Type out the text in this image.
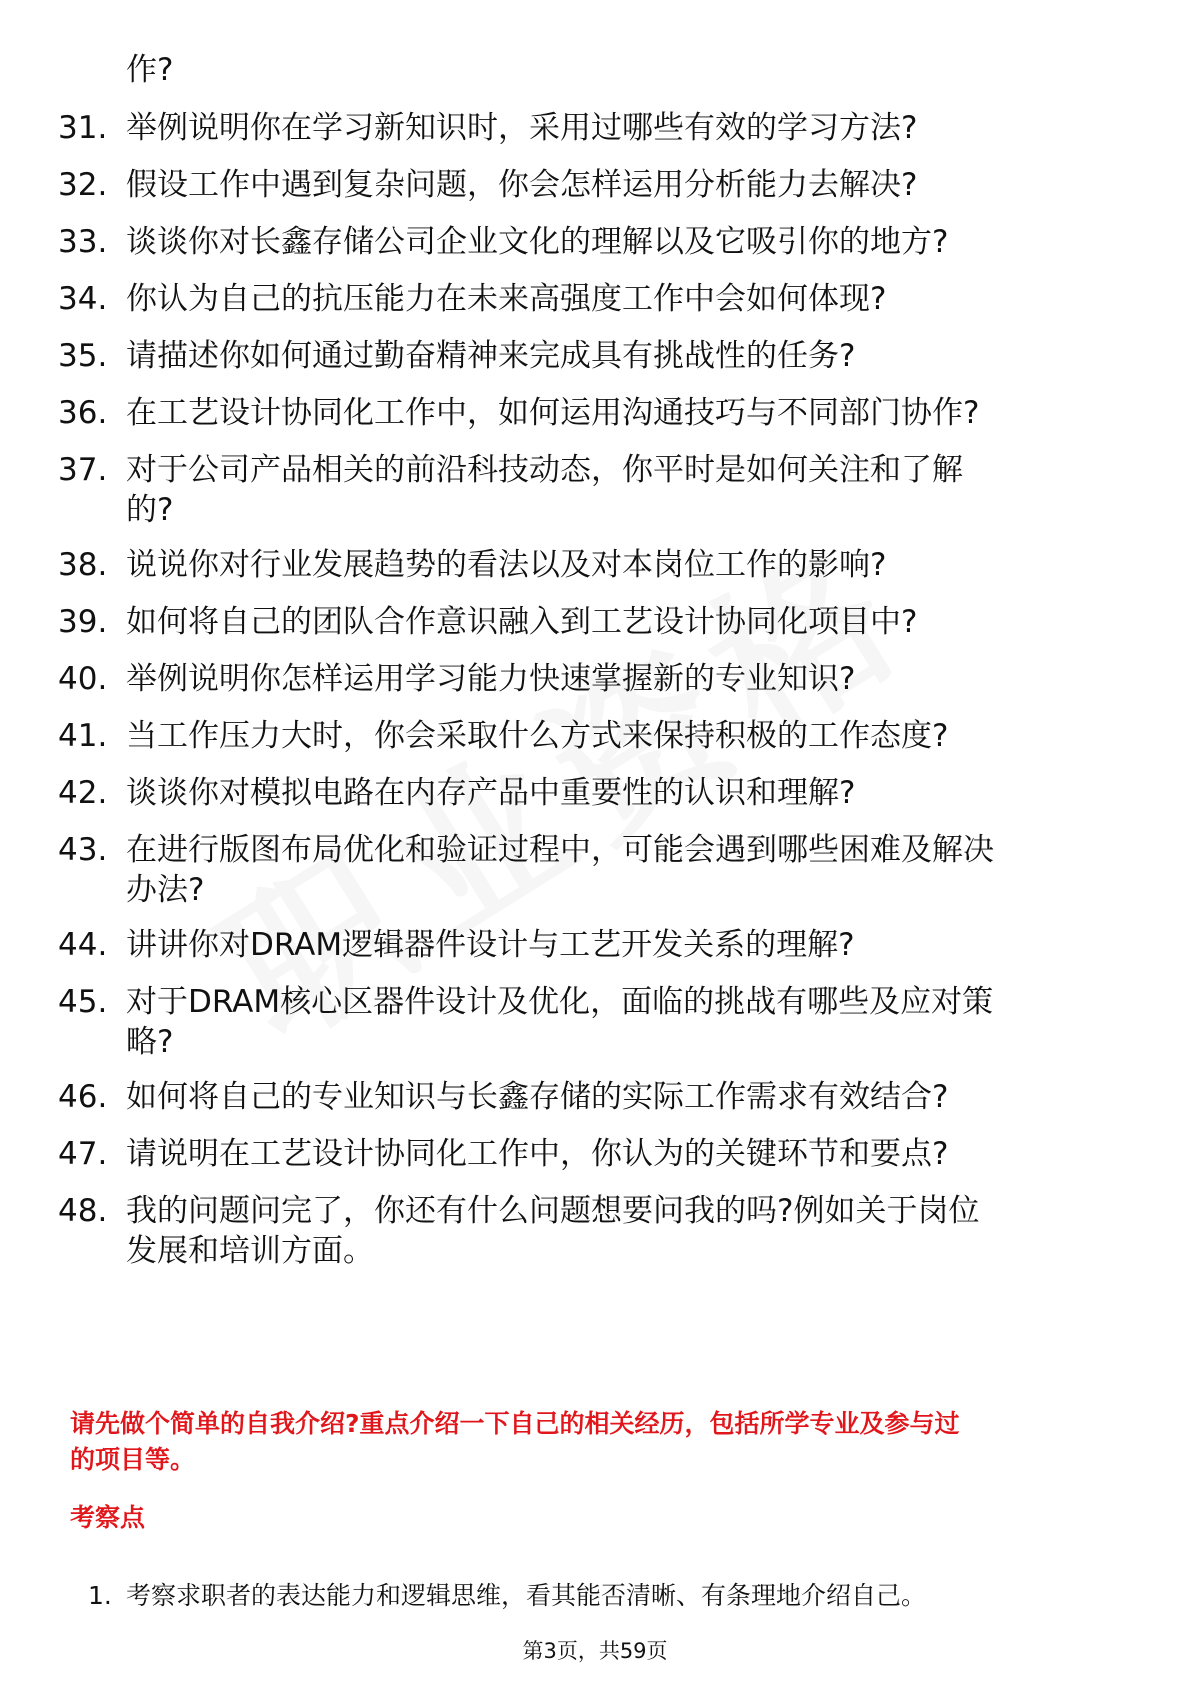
作?
31. 举例说明你在学习新知识时，采用过哪些有效的学习方法?
32. 假设工作中遇到复杂问题，你会怎样运用分析能力去解决?
33. 谈谈你对长鑫存储公司企业文化的理解以及它吸引你的地方?
34. 你认为自己的抗压能力在未来高强度工作中会如何体现?
35. 请描述你如何通过勤奋精神来完成具有挑战性的任务?
36. 在工艺设计协同化工作中，如何运用沟通技巧与不同部门协作?
37. 对于公司产品相关的前沿科技动态，你平时是如何关注和了解
的?
38. 说说你对行业发展趋势的看法以及对本岗位工作的影响?
39. 如何将自己的团队合作意识融入到工艺设计协同化项目中?
40. 举例说明你怎样运用学习能力快速掌握新的专业知识?
41. 当工作压力大时，你会采取什么方式来保持积极的工作态度?
42. 谈谈你对模拟电路在内存产品中重要性的认识和理解?
43. 在进行版图布局优化和验证过程中，可能会遇到哪些困难及解决
办法?
44. 讲讲你对DRAM逻辑器件设计与工艺开发关系的理解?
45. 对于DRAM核心区器件设计及优化，面临的挑战有哪些及应对策
略?
46. 如何将自己的专业知识与长鑫存储的实际工作需求有效结合?
47. 请说明在工艺设计协同化工作中，你认为的关键环节和要点?
48. 我的问题问完了，你还有什么问题想要问我的吗?例如关于岗位
发展和培训方面。
请先做个简单的自我介绍?重点介绍一下自己的相关经历，包括所学专业及参与过
的项目等。
考察点
1. 考察求职者的表达能力和逻辑思维，看其能否清晰、有条理地介绍自己。
第3页，共59页
